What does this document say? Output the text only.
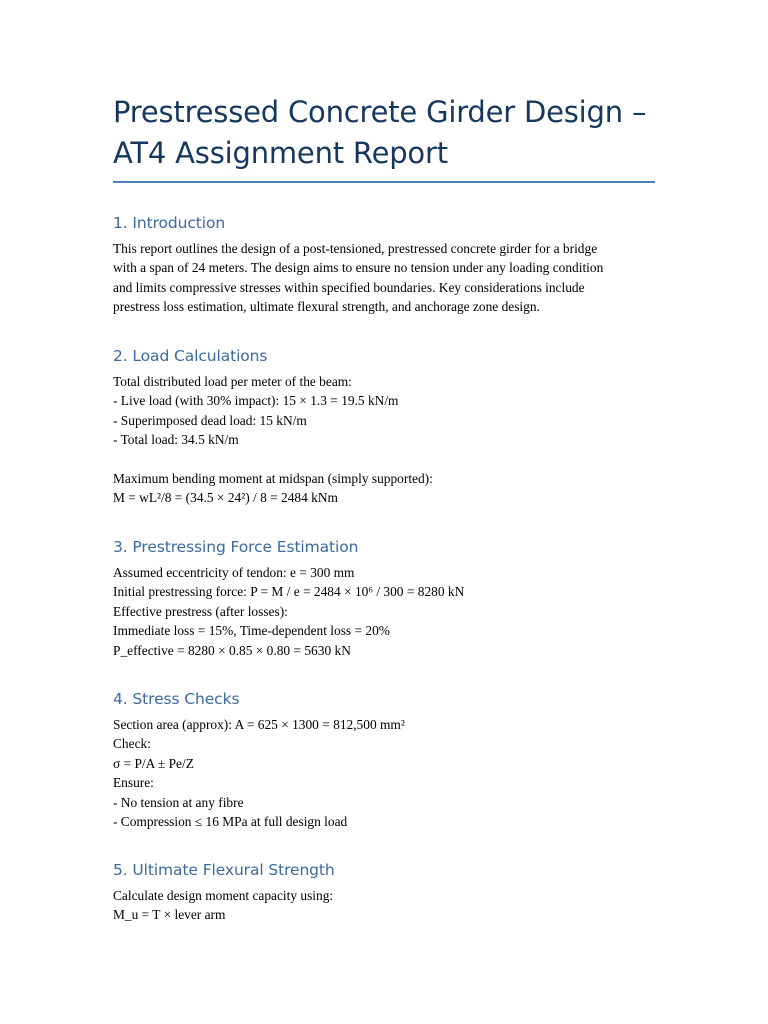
Prestressed Concrete Girder Design –
AT4 Assignment Report
1. Introduction

This report outlines the design of a post-tensioned, prestressed concrete girder for a bridge
with a span of 24 meters. The design aims to ensure no tension under any loading condition
and limits compressive stresses within specified boundaries. Key considerations include
prestress loss estimation, ultimate flexural strength, and anchorage zone design.

2. Load Calculations

Total distributed load per meter of the beam:
- Live load (with 30% impact): 15 × 1.3 = 19.5 kN/m
- Superimposed dead load: 15 kN/m
- Total load: 34.5 kN/m
Maximum bending moment at midspan (simply supported):
M = wL²/8 = (34.5 × 24²) / 8 = 2484 kNm

3. Prestressing Force Estimation

Assumed eccentricity of tendon: e = 300 mm
Initial prestressing force: P = M / e = 2484 × 10⁶ / 300 = 8280 kN
Effective prestress (after losses):
Immediate loss = 15%, Time-dependent loss = 20%
P_effective = 8280 × 0.85 × 0.80 = 5630 kN

4. Stress Checks

Section area (approx): A = 625 × 1300 = 812,500 mm²
Check:
σ = P/A ± Pe/Z
Ensure:
- No tension at any fibre
- Compression ≤ 16 MPa at full design load

5. Ultimate Flexural Strength

Calculate design moment capacity using:
M_u = T × lever arm
